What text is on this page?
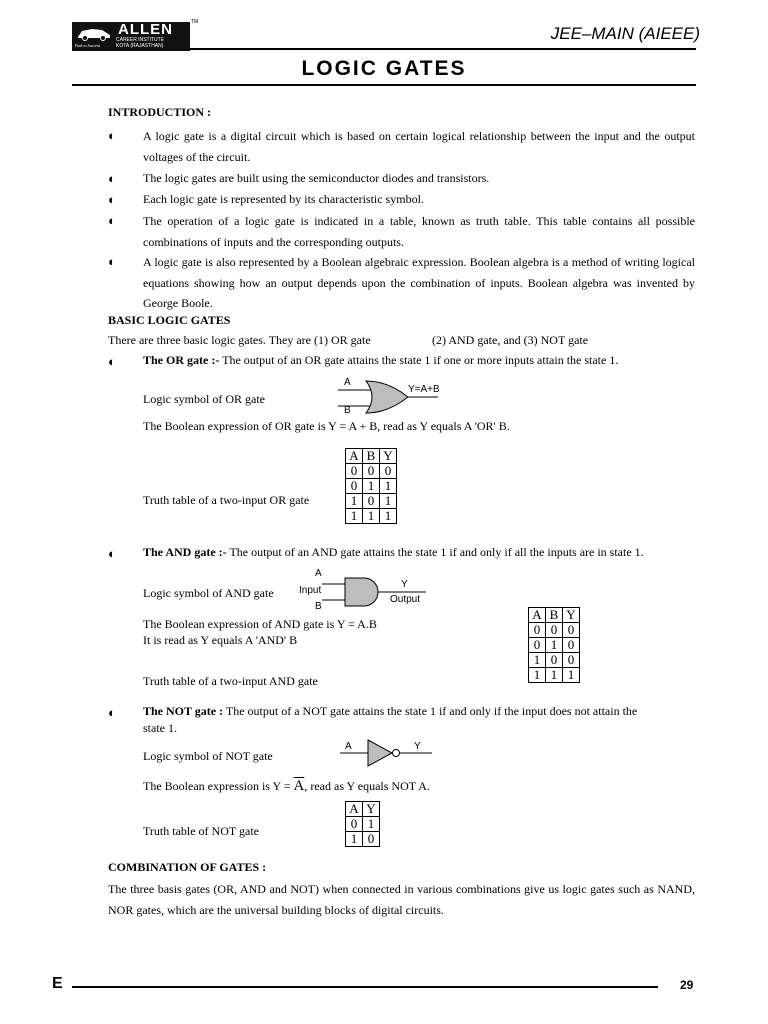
ALLEN
CAREER INSTITUTE
KOTA (RAJASTHAN)
Path to Success
TM
JEE–MAIN (AIEEE)
LOGIC GATES
INTRODUCTION :
◐ A logic gate is a digital circuit which is based on certain logical relationship between the input and the output voltages of the circuit.
◐ The logic gates are built using the semiconductor diodes and transistors.
◐ Each logic gate is represented by its characteristic symbol.
◐ The operation of a logic gate is indicated in a table, known as truth table. This table contains all possible combinations of inputs and the corresponding outputs.
◐ A logic gate is also represented by a Boolean algebraic expression. Boolean algebra is a method of writing logical equations showing how an output depends upon the combination of inputs. Boolean algebra was invented by George Boole.
BASIC LOGIC GATES
There are three basic logic gates. They are (1) OR gate	(2) AND gate, and (3) NOT gate
◐ The OR gate :- The output of an OR gate attains the state 1 if one or more inputs attain the state 1.
Logic symbol of OR gate
A
B
Y=A+B
The Boolean expression of OR gate is Y = A + B, read as Y equals A 'OR' B.
Truth table of a two-input OR gate
A	B	Y
0	0	0
0	1	1
1	0	1
1	1	1
◐ The AND gate :- The output of an AND gate attains the state 1 if and only if all the inputs are in state 1.
Logic symbol of AND gate
A
Input
B
Y
Output
The Boolean expression of AND gate is Y = A.B
It is read as Y equals A 'AND' B
Truth table of a two-input AND gate
A	B	Y
0	0	0
0	1	0
1	0	0
1	1	1
◐ The NOT gate : The output of a NOT gate attains the state 1 if and only if the input does not attain the
state 1.
Logic symbol of NOT gate
A	Y
The Boolean expression is $Y = \overline{A}$, read as Y equals NOT A.
Truth table of NOT gate
A	Y
0	1
1	0
COMBINATION OF GATES :
The three basis gates (OR, AND and NOT) when connected in various combinations give us logic gates such as NAND, NOR gates, which are the universal building blocks of digital circuits.
E	29
